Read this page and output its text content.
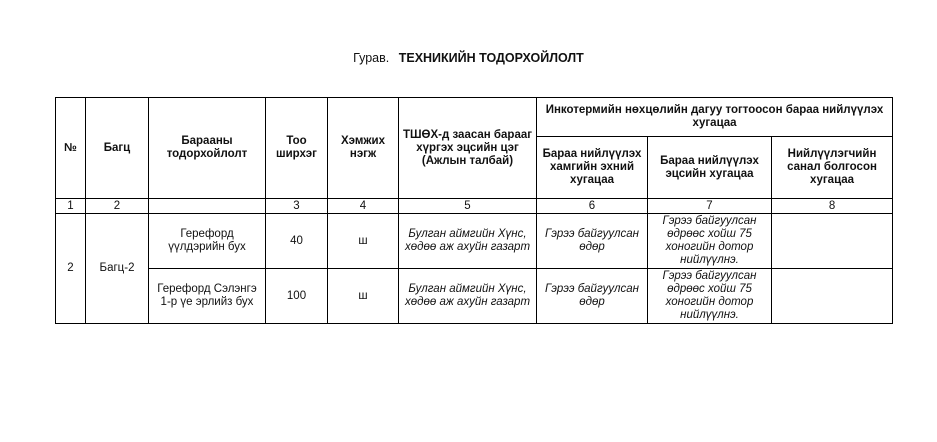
Гурав. ТЕХНИКИЙН ТОДОРХОЙЛОЛТ
№	Багц	Барааны тодорхойлолт	Тоо ширхэг	Хэмжих нэгж	ТШӨХ-д заасан барааг хүргэх эцсийн цэг (Ажлын талбай)	Инкотермийн нөхцөлийн дагуу тогтоосон бараа нийлүүлэх хугацаа		
						Бараа нийлүүлэх хамгийн эхний хугацаа	Бараа нийлүүлэх эцсийн хугацаа	Нийлүүлэгчийн санал болгосон хугацаа
1	2		3	4	5	6	7	8
2	Багц-2	Герефорд үүлдэрийн бух	40	ш	Булган аймгийн Хүнс, хөдөө аж ахуйн газарт	Гэрээ байгуулсан өдөр	Гэрээ байгуулсан өдрөөс хойш 75 хоногийн дотор нийлүүлнэ.	
		Герефорд Сэлэнгэ 1-р үе эрлийз бух	100	ш	Булган аймгийн Хүнс, хөдөө аж ахуйн газарт	Гэрээ байгуулсан өдөр	Гэрээ байгуулсан өдрөөс хойш 75 хоногийн дотор нийлүүлнэ.	
